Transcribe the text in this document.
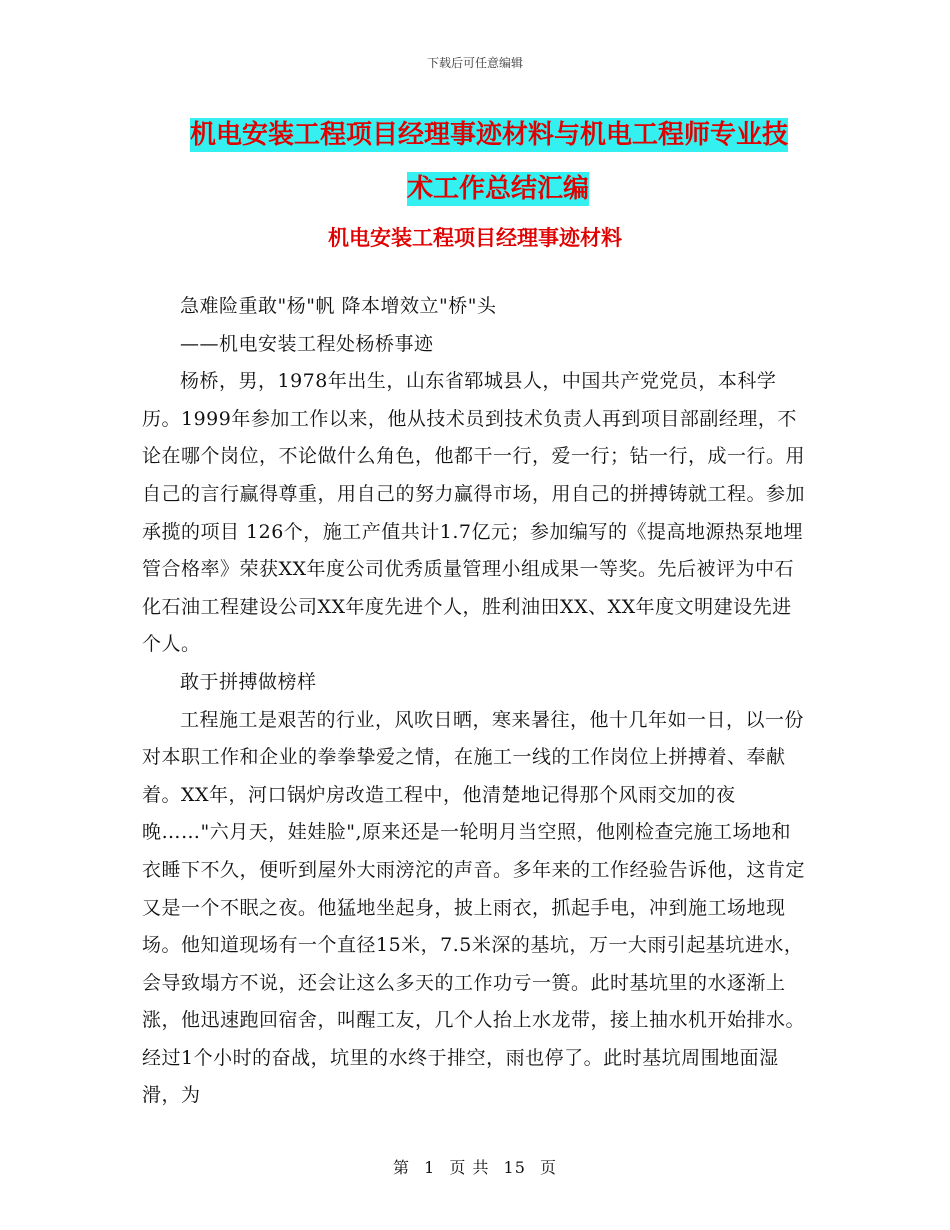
下载后可任意编辑
机电安装工程项目经理事迹材料与机电工程师专业技
术工作总结汇编
机电安装工程项目经理事迹材料

急难险重敢"杨"帆 降本增效立"桥"头

——机电安装工程处杨桥事迹

杨桥，男，1978年出生，山东省郓城县人，中国共产党党员，本科学历。1999年参加工作以来，他从技术员到技术负责人再到项目部副经理，不论在哪个岗位，不论做什么角色，他都干一行，爱一行；钻一行，成一行。用自己的言行赢得尊重，用自己的努力赢得市场，用自己的拼搏铸就工程。参加承揽的项目 126个，施工产值共计1.7亿元；参加编写的《提高地源热泵地埋管合格率》荣获XX年度公司优秀质量管理小组成果一等奖。先后被评为中石化石油工程建设公司XX年度先进个人，胜利油田XX、XX年度文明建设先进个人。

敢于拼搏做榜样

工程施工是艰苦的行业，风吹日晒，寒来暑往，他十几年如一日，以一份对本职工作和企业的拳拳挚爱之情，在施工一线的工作岗位上拼搏着、奉献着。XX年，河口锅炉房改造工程中，他清楚地记得那个风雨交加的夜晚……"六月天，娃娃脸",原来还是一轮明月当空照，他刚检查完施工场地和衣睡下不久，便听到屋外大雨滂沱的声音。多年来的工作经验告诉他，这肯定又是一个不眠之夜。他猛地坐起身，披上雨衣，抓起手电，冲到施工场地现场。他知道现场有一个直径15米，7.5米深的基坑，万一大雨引起基坑进水，会导致塌方不说，还会让这么多天的工作功亏一篑。此时基坑里的水逐渐上涨，他迅速跑回宿舍，叫醒工友，几个人抬上水龙带，接上抽水机开始排水。经过1个小时的奋战，坑里的水终于排空，雨也停了。此时基坑周围地面湿滑，为

第 1 页 共 15 页
